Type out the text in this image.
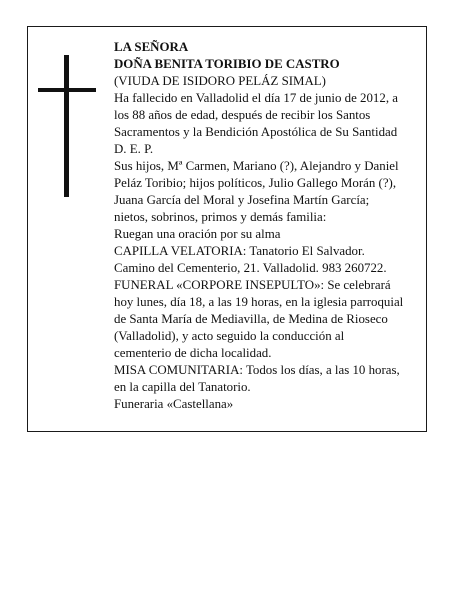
LA SEÑORA
DOÑA BENITA TORIBIO DE CASTRO
(VIUDA DE ISIDORO PELÁZ SIMAL)
Ha fallecido en Valladolid el día 17 de junio de 2012, a
los 88 años de edad, después de recibir los Santos
Sacramentos y la Bendición Apostólica de Su Santidad
D. E. P.
Sus hijos, Mª Carmen, Mariano (?), Alejandro y Daniel
Peláz Toribio; hijos políticos, Julio Gallego Morán (?),
Juana García del Moral y Josefina Martín García;
nietos, sobrinos, primos y demás familia:
Ruegan una oración por su alma
CAPILLA VELATORIA: Tanatorio El Salvador.
Camino del Cementerio, 21. Valladolid. 983 260722.
FUNERAL «CORPORE INSEPULTO»: Se celebrará
hoy lunes, día 18, a las 19 horas, en la iglesia parroquial
de Santa María de Mediavilla, de Medina de Rioseco
(Valladolid), y acto seguido la conducción al
cementerio de dicha localidad.
MISA COMUNITARIA: Todos los días, a las 10 horas,
en la capilla del Tanatorio.
Funeraria «Castellana»
